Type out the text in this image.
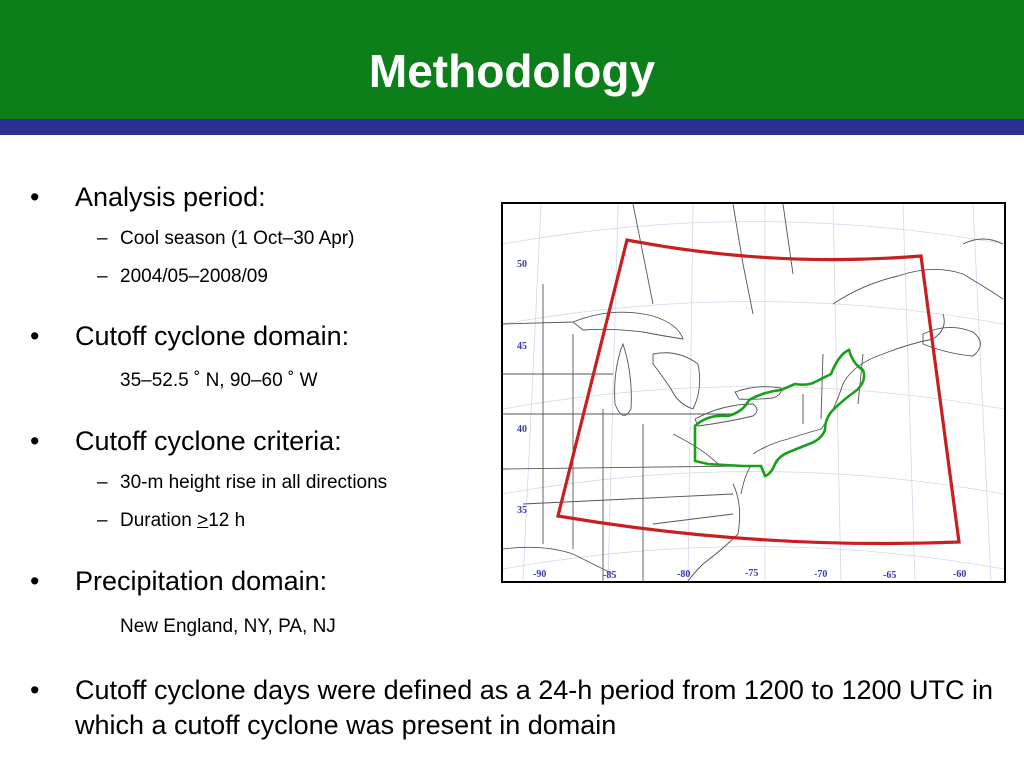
Methodology
• Analysis period:
– Cool season (1 Oct–30 Apr)
– 2004/05–2008/09
• Cutoff cyclone domain:
35–52.5 ˚ N, 90–60 ˚ W
• Cutoff cyclone criteria:
– 30-m height rise in all directions
– Duration ≥12 h
• Precipitation domain:
New England, NY, PA, NJ
• Cutoff cyclone days were defined as a 24-h period from 1200 to 1200 UTC in which a cutoff cyclone was present in domain
50
45
40
35
-90	-85	-80	-75	-70	-65	-60
